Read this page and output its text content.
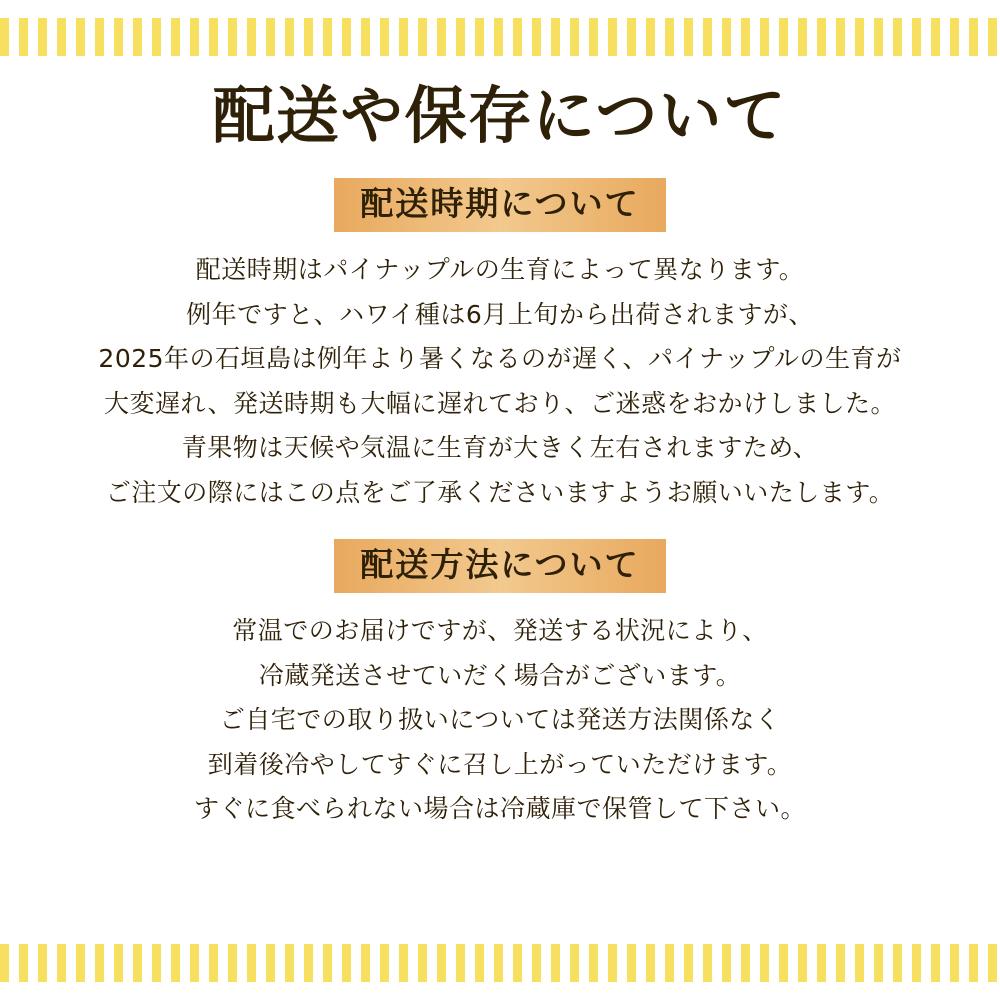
配送や保存について
配送時期について
配送時期はパイナップルの生育によって異なります。
例年ですと、ハワイ種は6月上旬から出荷されますが、
2025年の石垣島は例年より暑くなるのが遅く、パイナップルの生育が
大変遅れ、発送時期も大幅に遅れており、ご迷惑をおかけしました。
青果物は天候や気温に生育が大きく左右されますため、
ご注文の際にはこの点をご了承くださいますようお願いいたします。
配送方法について
常温でのお届けですが、発送する状況により、
冷蔵発送させていだく場合がございます。
ご自宅での取り扱いについては発送方法関係なく
到着後冷やしてすぐに召し上がっていただけます。
すぐに食べられない場合は冷蔵庫で保管して下さい。
